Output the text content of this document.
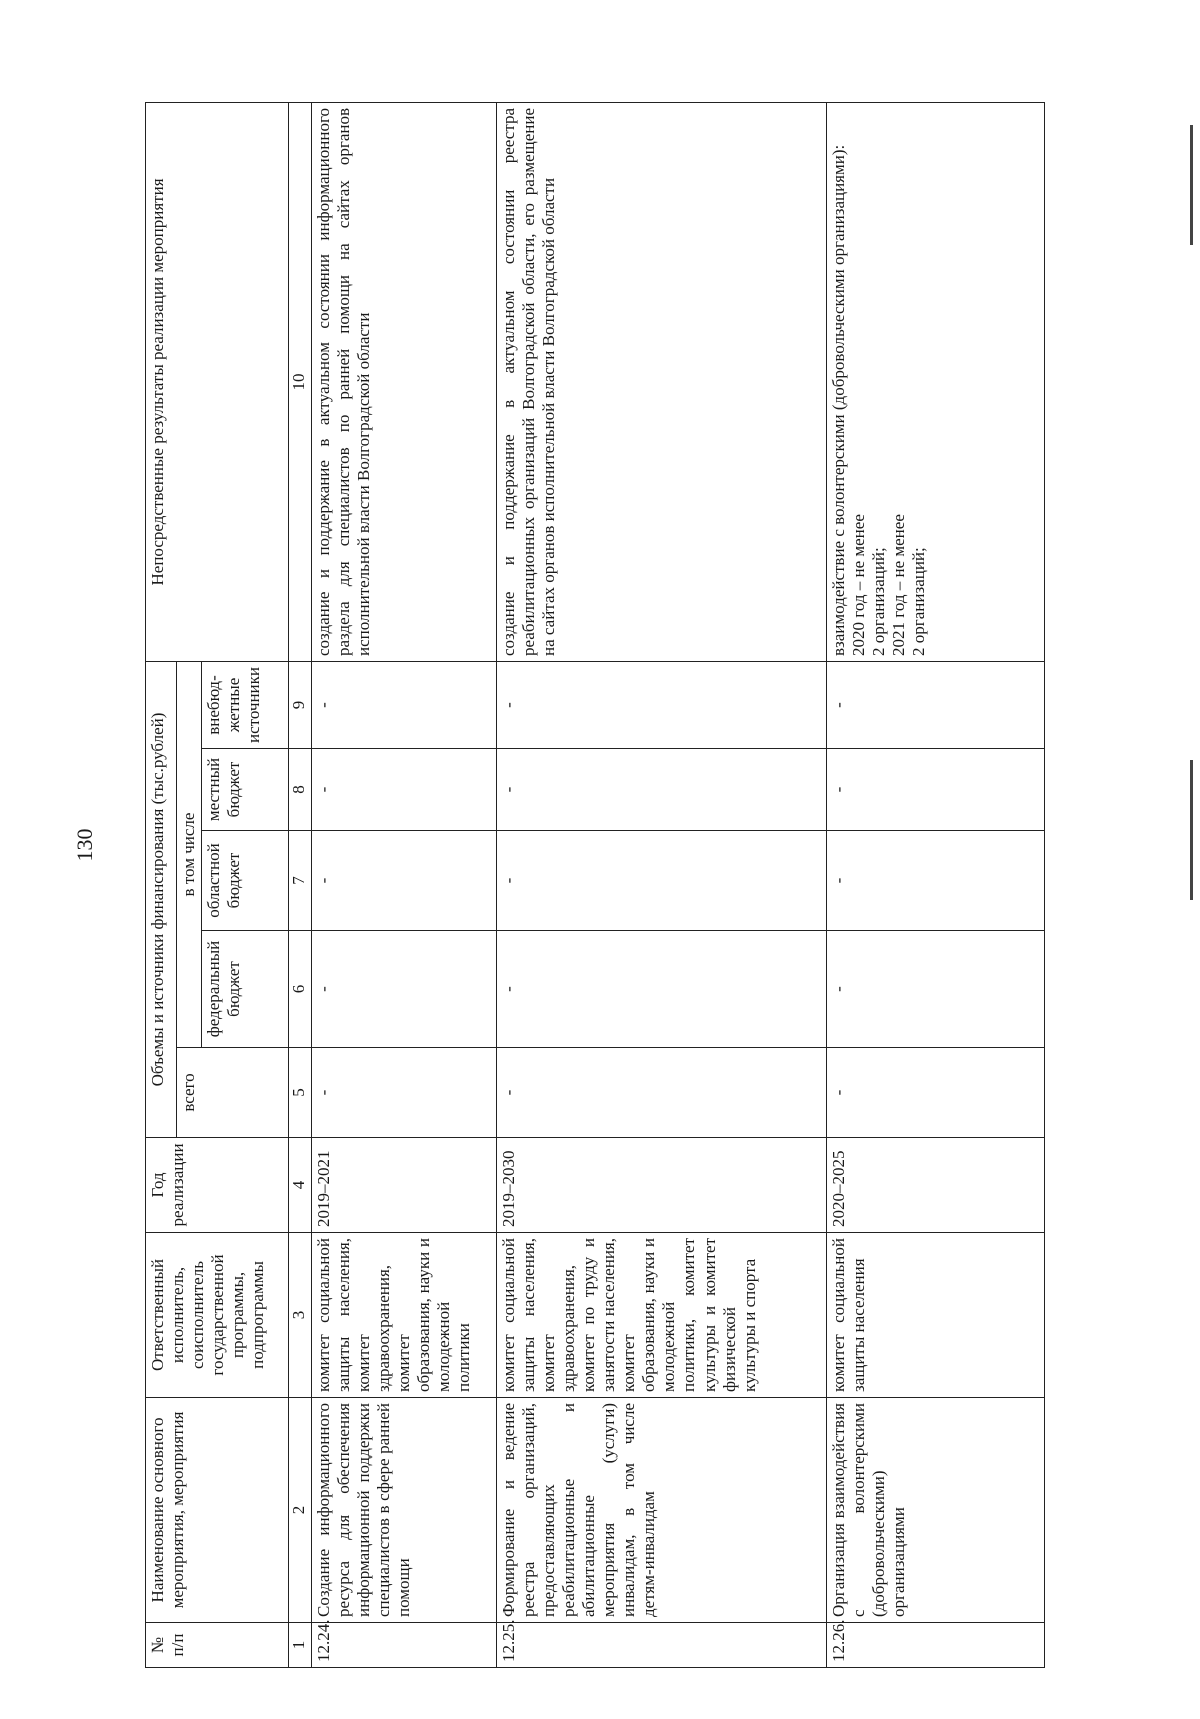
130
№ п/п	Наименование основного мероприятия, мероприятия	Ответственный исполнитель, соисполнитель государственной программы, подпрограммы	Год реализации	Объемы и источники финансирования (тыс.рублей)					Непосредственные результаты реализации мероприятия
				всего	в том числе				
					федеральный бюджет	областной бюджет	местный бюджет	внебюд-жетные источники	
1	2	3	4	5	6	7	8	9	10
12.24.	Создание информационного ресурса для обеспечения информационной поддержки специалистов в сфере ранней помощи	комитет социальной защиты населения, комитет здравоохранения, комитет образования, науки и молодежной политики	2019–2021	-	-	-	-	-	создание и поддержание в актуальном состоянии информационного раздела для специалистов по ранней помощи на сайтах органов исполнительной власти Волгоградской области
12.25.	Формирование и ведение реестра организаций, предоставляющих реабилитационные и абилитационные мероприятия (услуги) инвалидам, в том числе детям-инвалидам	комитет социальной защиты населения, комитет здравоохранения, комитет по труду и занятости населения, комитет образования, науки и молодежной политики, комитет культуры и комитет физической культуры и спорта	2019–2030	-	-	-	-	-	создание и поддержание в актуальном состоянии реестра реабилитационных организаций Волгоградской области, его размещение на сайтах органов исполнительной власти Волгоградской области
12.26.	Организация взаимодействия с волонтерскими (добровольческими) организациями	комитет социальной защиты населения	2020–2025	-	-	-	-	-	взаимодействие с волонтерскими (добровольческими организациями): 2020 год – не менее 2 организаций; 2021 год – не менее 2 организаций;
